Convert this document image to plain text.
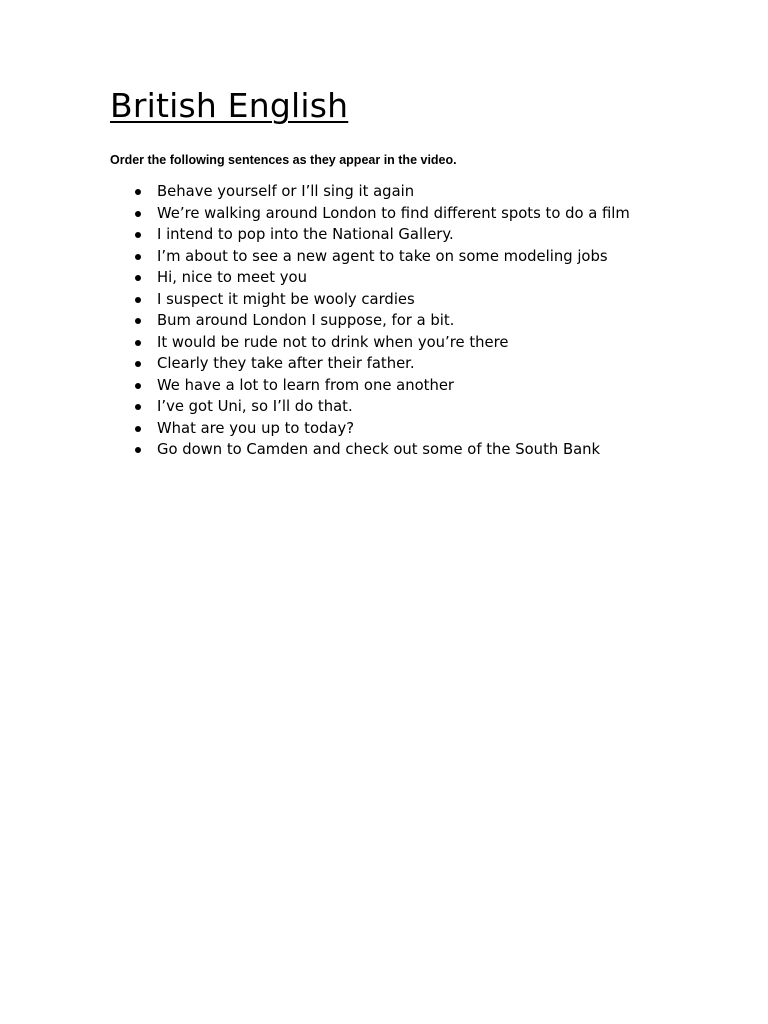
British English

Order the following sentences as they appear in the video.

Behave yourself or I’ll sing it again
We’re walking around London to find different spots to do a film
I intend to pop into the National Gallery.
I’m about to see a new agent to take on some modeling jobs
Hi, nice to meet you
I suspect it might be wooly cardies
Bum around London I suppose, for a bit.
It would be rude not to drink when you’re there
Clearly they take after their father.
We have a lot to learn from one another
I’ve got Uni, so I’ll do that.
What are you up to today?
Go down to Camden and check out some of the South Bank
